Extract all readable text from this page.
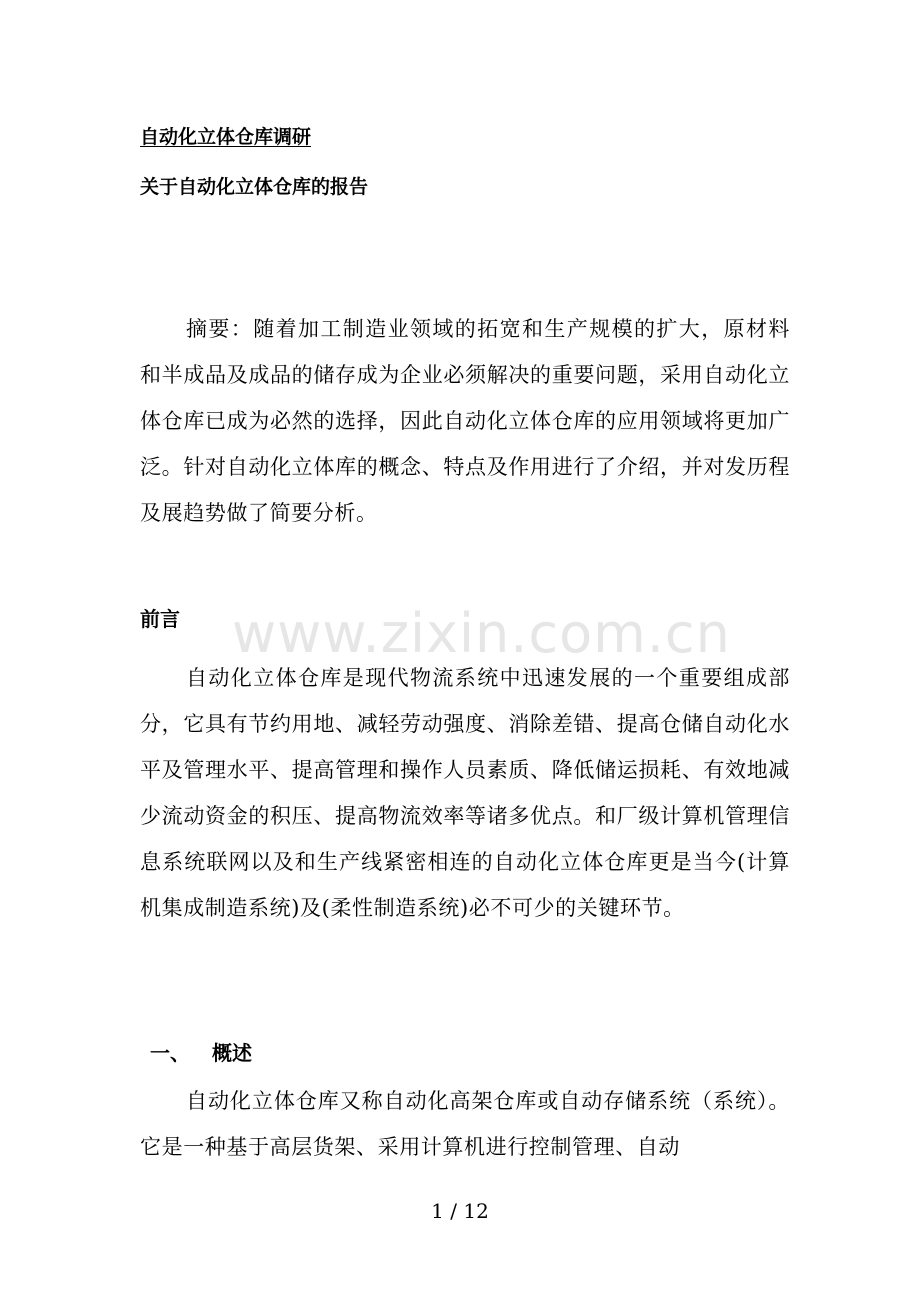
自动化立体仓库调研
关于自动化立体仓库的报告

摘要：随着加工制造业领域的拓宽和生产规模的扩大，原材料和半成品及成品的储存成为企业必须解决的重要问题，采用自动化立体仓库已成为必然的选择，因此自动化立体仓库的应用领域将更加广泛。针对自动化立体库的概念、特点及作用进行了介绍，并对发历程及展趋势做了简要分析。

www.zixin.com.cn
前言

自动化立体仓库是现代物流系统中迅速发展的一个重要组成部分，它具有节约用地、减轻劳动强度、消除差错、提高仓储自动化水平及管理水平、提高管理和操作人员素质、降低储运损耗、有效地减少流动资金的积压、提高物流效率等诸多优点。和厂级计算机管理信息系统联网以及和生产线紧密相连的自动化立体仓库更是当今(计算机集成制造系统)及(柔性制造系统)必不可少的关键环节。

一、 概述

自动化立体仓库又称自动化高架仓库或自动存储系统（系统）。它是一种基于高层货架、采用计算机进行控制管理、自动

1 / 12
